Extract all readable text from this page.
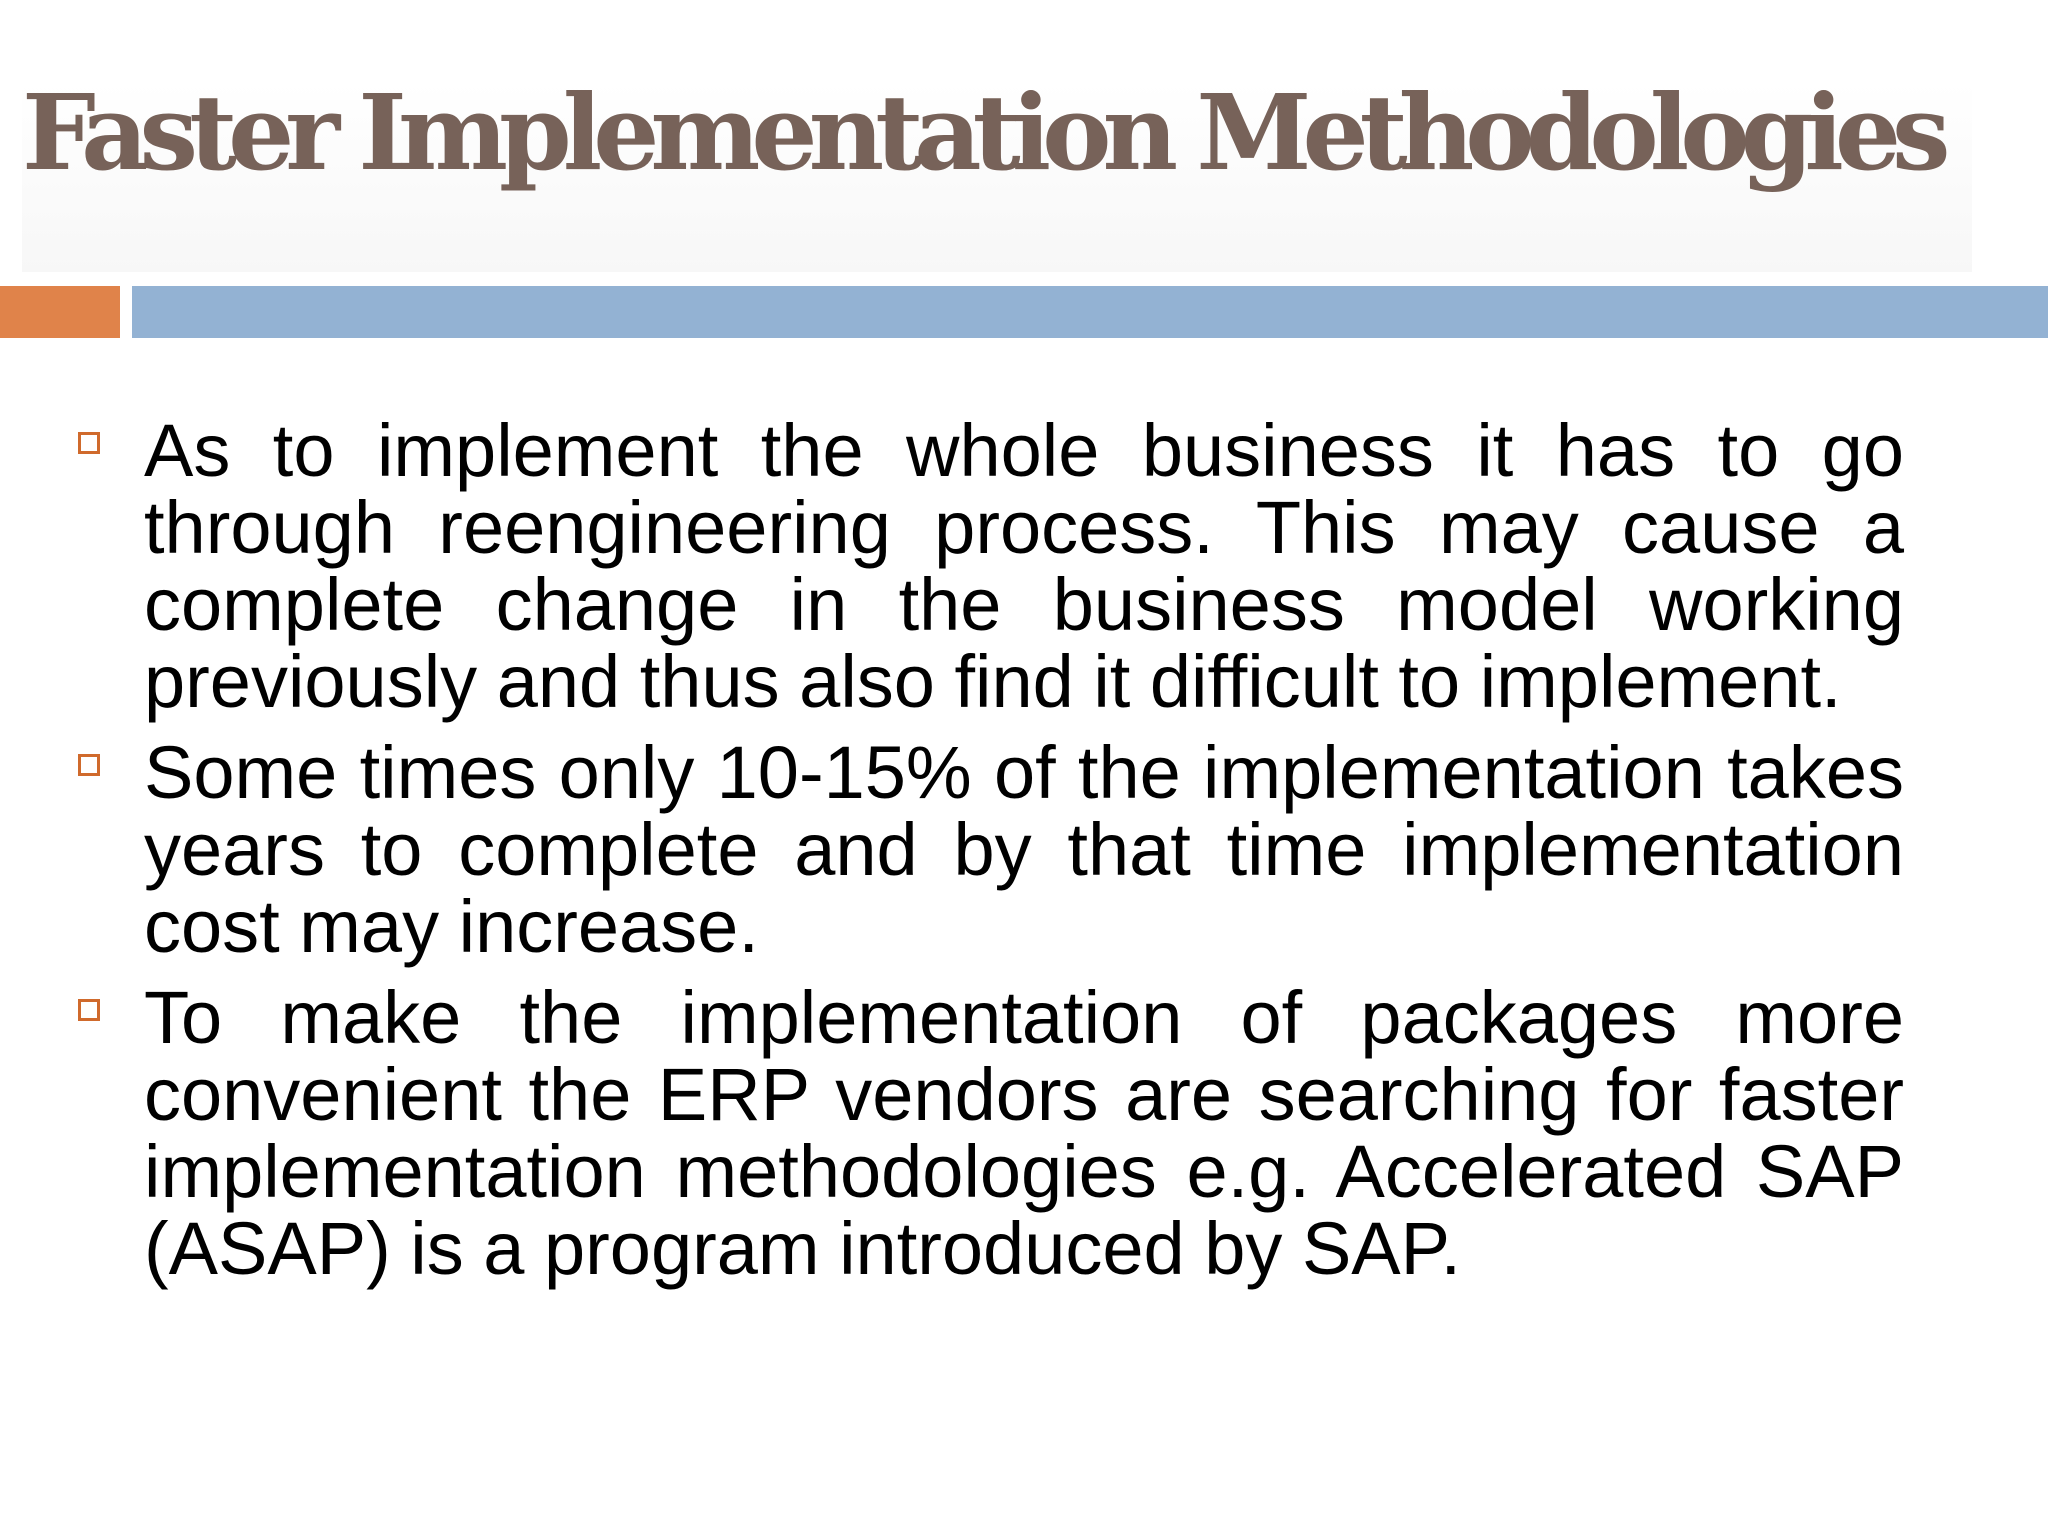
Faster Implementation Methodologies
As to implement the whole business it has to go through reengineering process. This may cause a complete change in the business model working previously and thus also find it difficult to implement.
Some times only 10-15% of the implementation takes years to complete and by that time implementation cost may increase.
To make the implementation of packages more convenient the ERP vendors are searching for faster implementation methodologies e.g. Accelerated SAP (ASAP) is a program introduced by SAP.
